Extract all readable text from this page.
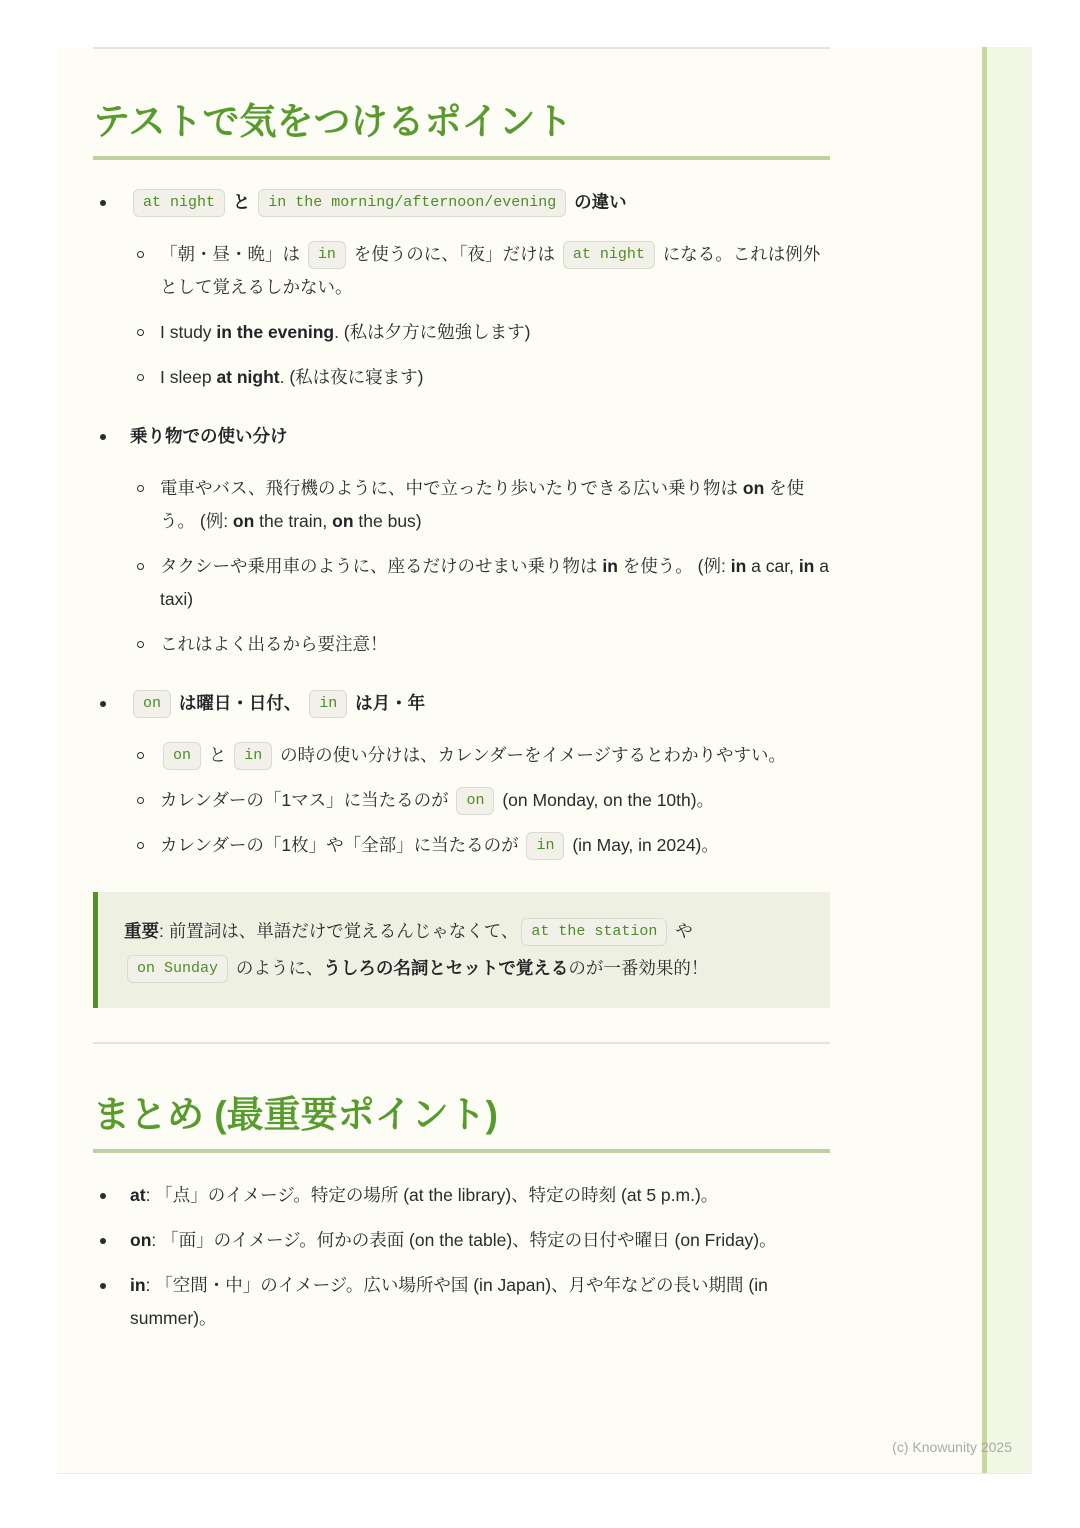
テストで気をつけるポイント
at night と in the morning/afternoon/evening の違い
「朝・昼・晩」は in を使うのに、「夜」だけは at night になる。これは例外として覚えるしかない。
I study in the evening. (私は夕方に勉強します)
I sleep at night. (私は夜に寝ます)
乗り物での使い分け
電車やバス、飛行機のように、中で立ったり歩いたりできる広い乗り物は on を使う。 (例: on the train, on the bus)
タクシーや乗用車のように、座るだけのせまい乗り物は in を使う。 (例: in a car, in a taxi)
これはよく出るから要注意！
on は曜日・日付、 in は月・年
on と in の時の使い分けは、カレンダーをイメージするとわかりやすい。
カレンダーの「1マス」に当たるのが on (on Monday, on the 10th)。
カレンダーの「1枚」や「全部」に当たるのが in (in May, in 2024)。
重要: 前置詞は、単語だけで覚えるんじゃなくて、 at the station や on Sunday のように、うしろの名詞とセットで覚えるのが一番効果的！
まとめ (最重要ポイント)
at: 「点」のイメージ。特定の場所 (at the library)、特定の時刻 (at 5 p.m.)。
on: 「面」のイメージ。何かの表面 (on the table)、特定の日付や曜日 (on Friday)。
in: 「空間・中」のイメージ。広い場所や国 (in Japan)、月や年などの長い期間 (in summer)。
(c) Knowunity 2025
